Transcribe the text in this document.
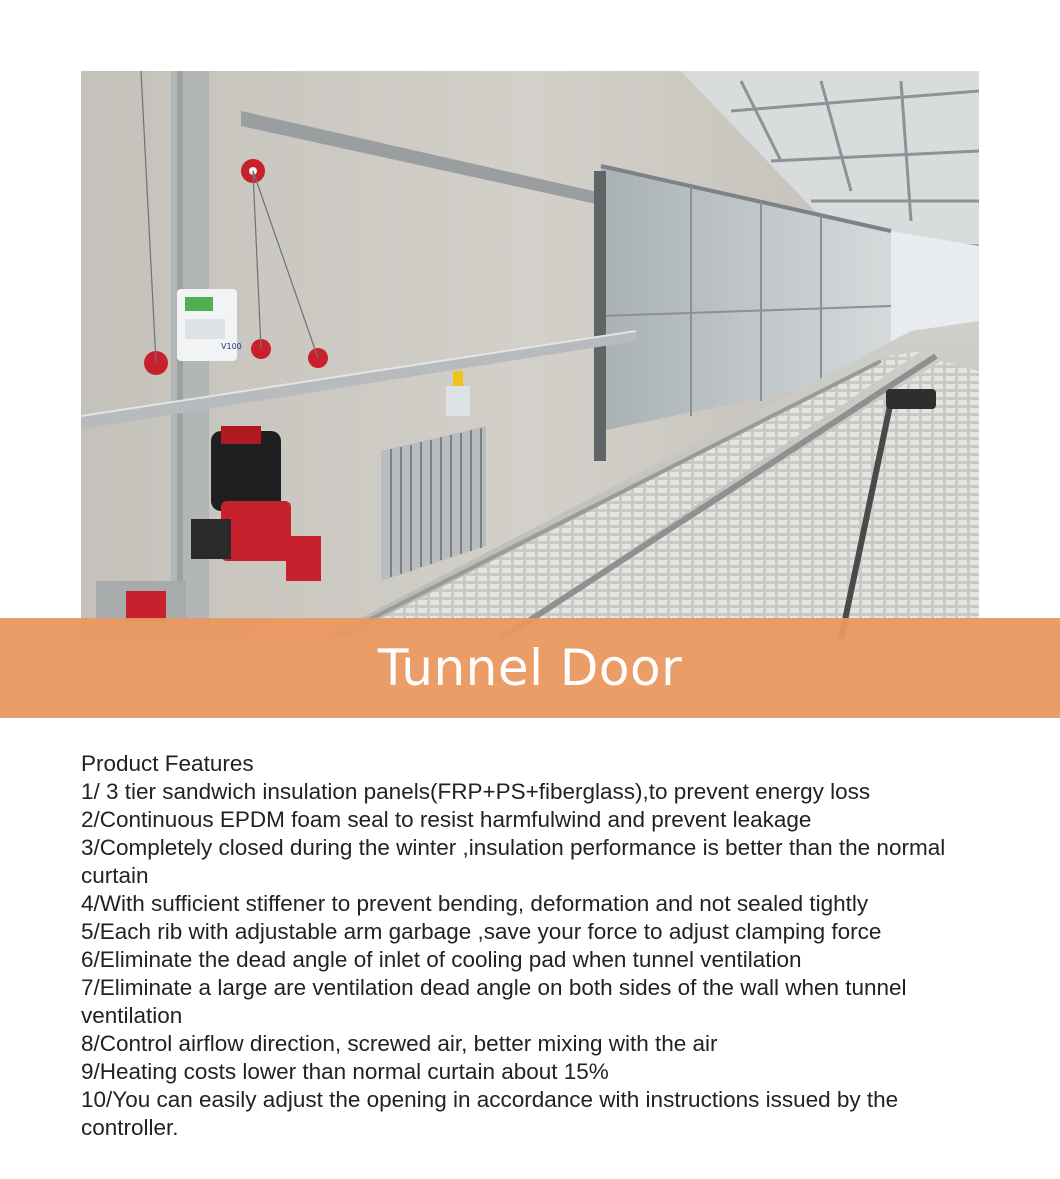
V100
Tunnel Door
Product Features
1/ 3 tier sandwich insulation panels(FRP+PS+fiberglass),to prevent energy loss
2/Continuous EPDM foam seal to resist harmfulwind and prevent leakage
3/Completely closed during the winter ,insulation performance is better than the normal curtain
4/With sufficient stiffener to prevent bending, deformation and not sealed tightly
5/Each rib with adjustable arm garbage ,save your force to adjust clamping force
6/Eliminate the dead angle of inlet of cooling pad when tunnel ventilation
7/Eliminate a large are ventilation dead angle on both sides of the wall when tunnel ventilation
8/Control airflow direction, screwed air, better mixing with the air
9/Heating costs lower than normal curtain about 15%
10/You can easily adjust the opening in accordance with instructions issued by the controller.
